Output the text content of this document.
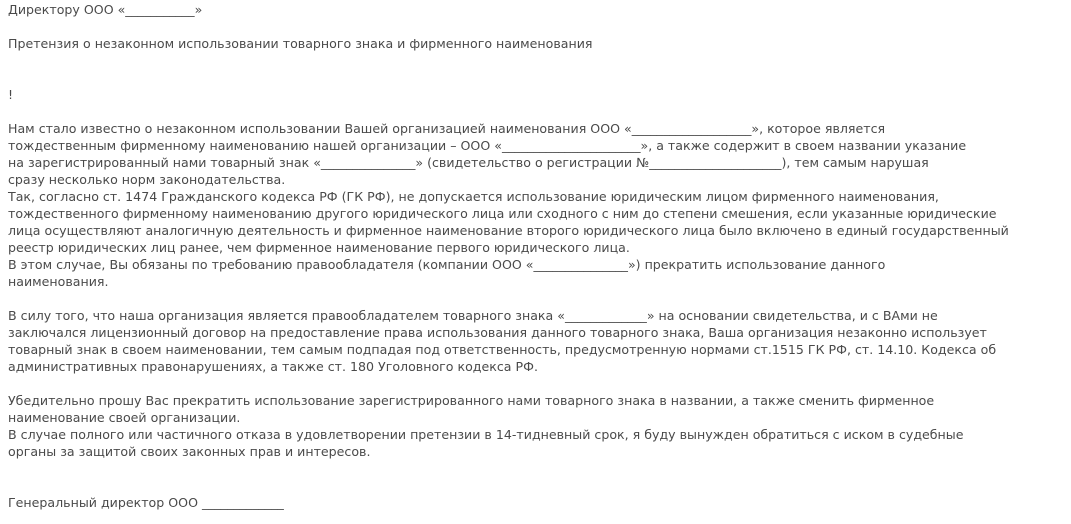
Директору ООО «___________»
Претензия о незаконном использовании товарного знака и фирменного наименования
!
Нам стало известно о незаконном использовании Вашей организацией наименования ООО «___________________», которое является
тождественным фирменному наименованию нашей организации – ООО «______________________», а также содержит в своем названии указание
на зарегистрированный нами товарный знак «_______________» (свидетельство о регистрации №_____________________), тем самым нарушая
сразу несколько норм законодательства.
Так, согласно ст. 1474 Гражданского кодекса РФ (ГК РФ), не допускается использование юридическим лицом фирменного наименования,
тождественного фирменному наименованию другого юридического лица или сходного с ним до степени смешения, если указанные юридические
лица осуществляют аналогичную деятельность и фирменное наименование второго юридического лица было включено в единый государственный
реестр юридических лиц ранее, чем фирменное наименование первого юридического лица.
В этом случае, Вы обязаны по требованию правообладателя (компании ООО «_______________») прекратить использование данного
наименования.
В силу того, что наша организация является правообладателем товарного знака «_____________» на основании свидетельства, и с ВАми не
заключался лицензионный договор на предоставление права использования данного товарного знака, Ваша организация незаконно использует
товарный знак в своем наименовании, тем самым подпадая под ответственность, предусмотренную нормами ст.1515 ГК РФ, ст. 14.10. Кодекса об
административных правонарушениях, а также ст. 180 Уголовного кодекса РФ.
Убедительно прошу Вас прекратить использование зарегистрированного нами товарного знака в названии, а также сменить фирменное
наименование своей организации.
В случае полного или частичного отказа в удовлетворении претензии в 14-тидневный срок, я буду вынужден обратиться с иском в судебные
органы за защитой своих законных прав и интересов.
Генеральный директор ООО _____________
